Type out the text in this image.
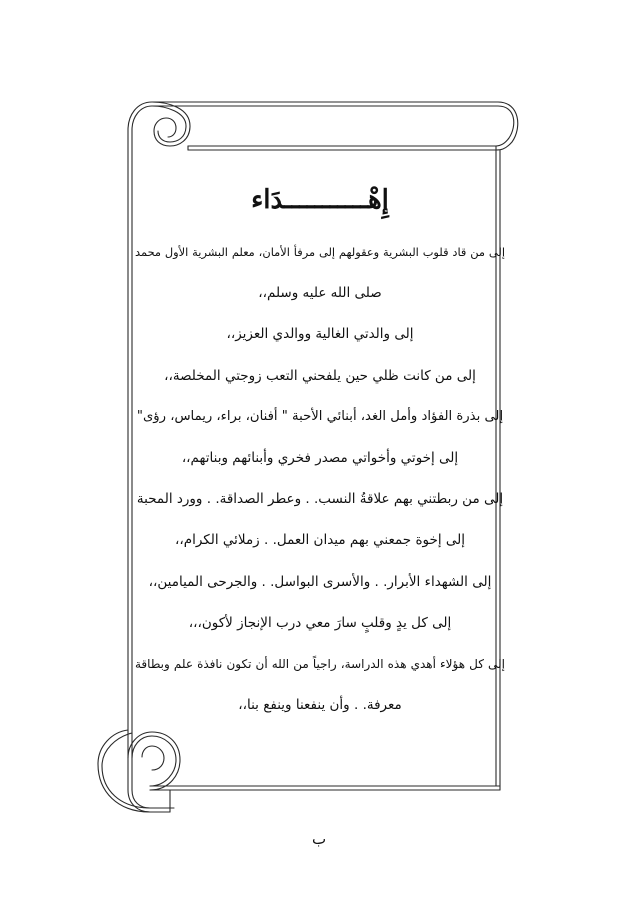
إِهْـــــــــــدَاء
إلى من قاد قلوب البشرية وعقولهم إلى مرفأ الأمان، معلم البشرية الأول محمد
صلى الله عليه وسلم،،
إلى والدتي الغالية ووالدي العزيز،،
إلى من كانت ظلي حين يلفحني التعب زوجتي المخلصة،،
إلى بذرة الفؤاد وأمل الغد، أبنائي الأحبة " أفنان، براء، ريماس، رؤى"
إلى إخوتي وأخواتي مصدر فخري وأبنائهم وبناتهم،،
إلى من ربطتني بهم علاقةُ النسب. . وعطر الصداقة. . وورد المحبة
إلى إخوة جمعني بهم ميدان العمل. . زملائي الكرام،،
إلى الشهداء الأبرار. . والأسرى البواسل. . والجرحى الميامين،،
إلى كل يدٍ وقلبٍ سارَ معي درب الإنجاز لأكون،،،
إلى كل هؤلاء أهدي هذه الدراسة، راجياً من الله أن تكون نافذة علم وبطاقة
معرفة. . وأن ينفعنا وينفع بنا،،
ب
